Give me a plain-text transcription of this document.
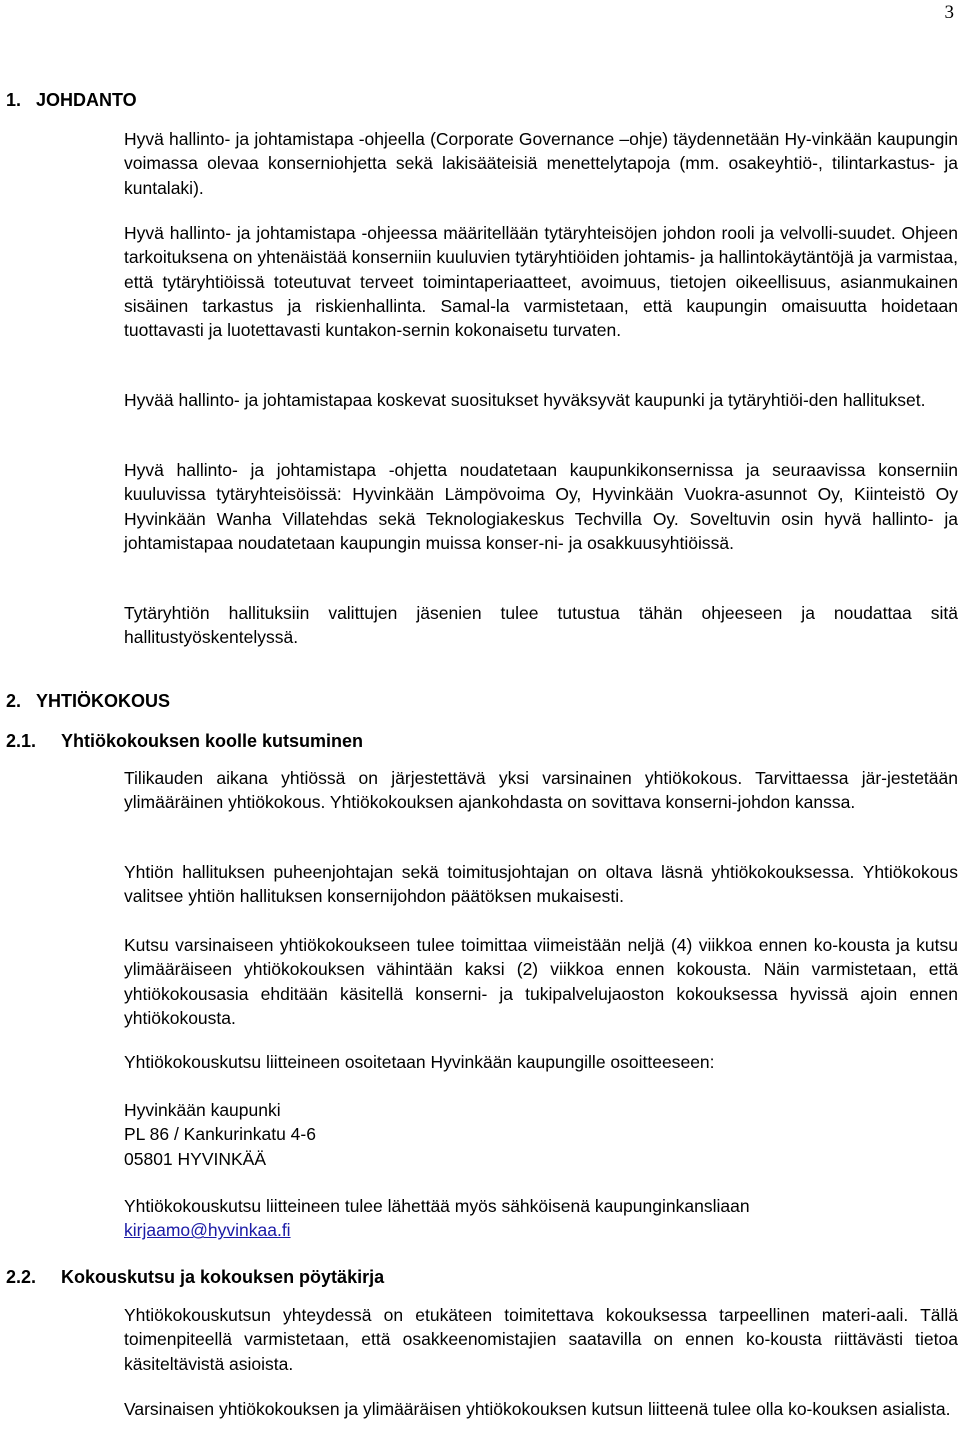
3
1. JOHDANTO

Hyvä hallinto- ja johtamistapa -ohjeella (Corporate Governance –ohje) täydennetään Hy-vinkään kaupungin voimassa olevaa konserniohjetta sekä lakisääteisiä menettelytapoja (mm. osakeyhtiö-, tilintarkastus- ja kuntalaki).

Hyvä hallinto- ja johtamistapa -ohjeessa määritellään tytäryhteisöjen johdon rooli ja velvolli-suudet. Ohjeen tarkoituksena on yhtenäistää konserniin kuuluvien tytäryhtiöiden johtamis- ja hallintokäytäntöjä ja varmistaa, että tytäryhtiöissä toteutuvat terveet toimintaperiaatteet, avoimuus, tietojen oikeellisuus, asianmukainen sisäinen tarkastus ja riskienhallinta. Samal-la varmistetaan, että kaupungin omaisuutta hoidetaan tuottavasti ja luotettavasti kuntakon-sernin kokonaisetu turvaten.

Hyvää hallinto- ja johtamistapaa koskevat suositukset hyväksyvät kaupunki ja tytäryhtiöi-den hallitukset.

Hyvä hallinto- ja johtamistapa -ohjetta noudatetaan kaupunkikonsernissa ja seuraavissa konserniin kuuluvissa tytäryhteisöissä: Hyvinkään Lämpövoima Oy, Hyvinkään Vuokra-asunnot Oy, Kiinteistö Oy Hyvinkään Wanha Villatehdas sekä Teknologiakeskus Techvilla Oy. Soveltuvin osin hyvä hallinto- ja johtamistapaa noudatetaan kaupungin muissa konser-ni- ja osakkuusyhtiöissä.

Tytäryhtiön hallituksiin valittujen jäsenien tulee tutustua tähän ohjeeseen ja noudattaa sitä hallitustyöskentelyssä.

2. YHTIÖKOKOUS
2.1. Yhtiökokouksen koolle kutsuminen

Tilikauden aikana yhtiössä on järjestettävä yksi varsinainen yhtiökokous. Tarvittaessa jär-jestetään ylimääräinen yhtiökokous. Yhtiökokouksen ajankohdasta on sovittava konserni-johdon kanssa.

Yhtiön hallituksen puheenjohtajan sekä toimitusjohtajan on oltava läsnä yhtiökokouksessa. Yhtiökokous valitsee yhtiön hallituksen konsernijohdon päätöksen mukaisesti.

Kutsu varsinaiseen yhtiökokoukseen tulee toimittaa viimeistään neljä (4) viikkoa ennen ko-kousta ja kutsu ylimääräiseen yhtiökokouksen vähintään kaksi (2) viikkoa ennen kokousta. Näin varmistetaan, että yhtiökokousasia ehditään käsitellä konserni- ja tukipalvelujaoston kokouksessa hyvissä ajoin ennen yhtiökokousta.

Yhtiökokouskutsu liitteineen osoitetaan Hyvinkään kaupungille osoitteeseen:

Hyvinkään kaupunki
PL 86 / Kankurinkatu 4-6
05801 HYVINKÄÄ

Yhtiökokouskutsu liitteineen tulee lähettää myös sähköisenä kaupunginkansliaan
kirjaamo@hyvinkaa.fi

2.2. Kokouskutsu ja kokouksen pöytäkirja

Yhtiökokouskutsun yhteydessä on etukäteen toimitettava kokouksessa tarpeellinen materi-aali. Tällä toimenpiteellä varmistetaan, että osakkeenomistajien saatavilla on ennen ko-kousta riittävästi tietoa käsiteltävistä asioista.

Varsinaisen yhtiökokouksen ja ylimääräisen yhtiökokouksen kutsun liitteenä tulee olla ko-kouksen asialista.
